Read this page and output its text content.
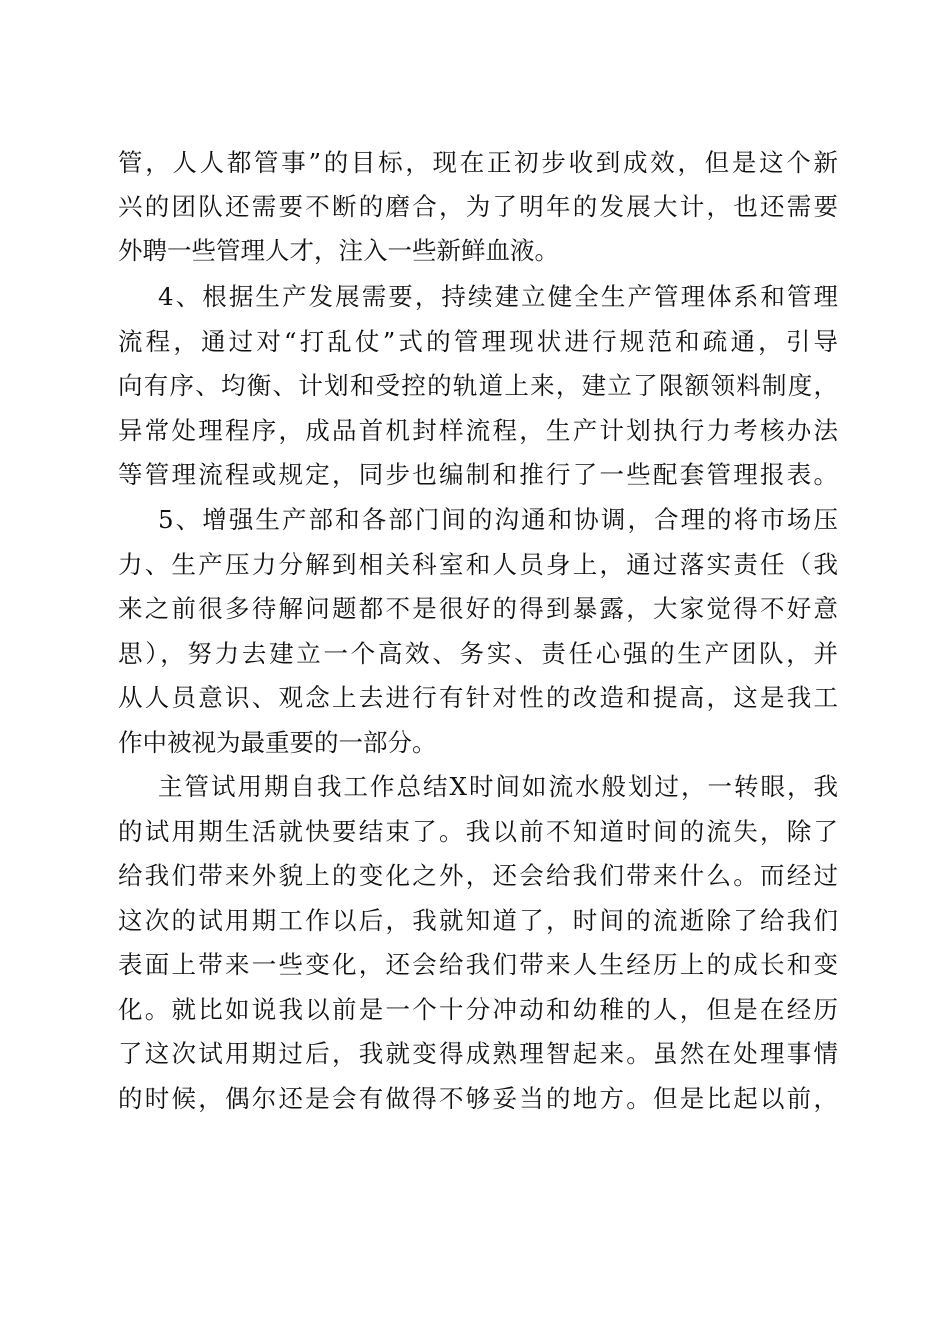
管，人人都管事”的目标，现在正初步收到成效，但是这个新
兴的团队还需要不断的磨合，为了明年的发展大计，也还需要
外聘一些管理人才，注入一些新鲜血液。
4、根据生产发展需要，持续建立健全生产管理体系和管理
流程，通过对“打乱仗”式的管理现状进行规范和疏通，引导
向有序、均衡、计划和受控的轨道上来，建立了限额领料制度，
异常处理程序，成品首机封样流程，生产计划执行力考核办法
等管理流程或规定，同步也编制和推行了一些配套管理报表。
5、增强生产部和各部门间的沟通和协调，合理的将市场压
力、生产压力分解到相关科室和人员身上，通过落实责任（我
来之前很多待解问题都不是很好的得到暴露，大家觉得不好意
思），努力去建立一个高效、务实、责任心强的生产团队，并
从人员意识、观念上去进行有针对性的改造和提高，这是我工
作中被视为最重要的一部分。
主管试用期自我工作总结X时间如流水般划过，一转眼，我
的试用期生活就快要结束了。我以前不知道时间的流失，除了
给我们带来外貌上的变化之外，还会给我们带来什么。而经过
这次的试用期工作以后，我就知道了，时间的流逝除了给我们
表面上带来一些变化，还会给我们带来人生经历上的成长和变
化。就比如说我以前是一个十分冲动和幼稚的人，但是在经历
了这次试用期过后，我就变得成熟理智起来。虽然在处理事情
的时候，偶尔还是会有做得不够妥当的地方。但是比起以前，
